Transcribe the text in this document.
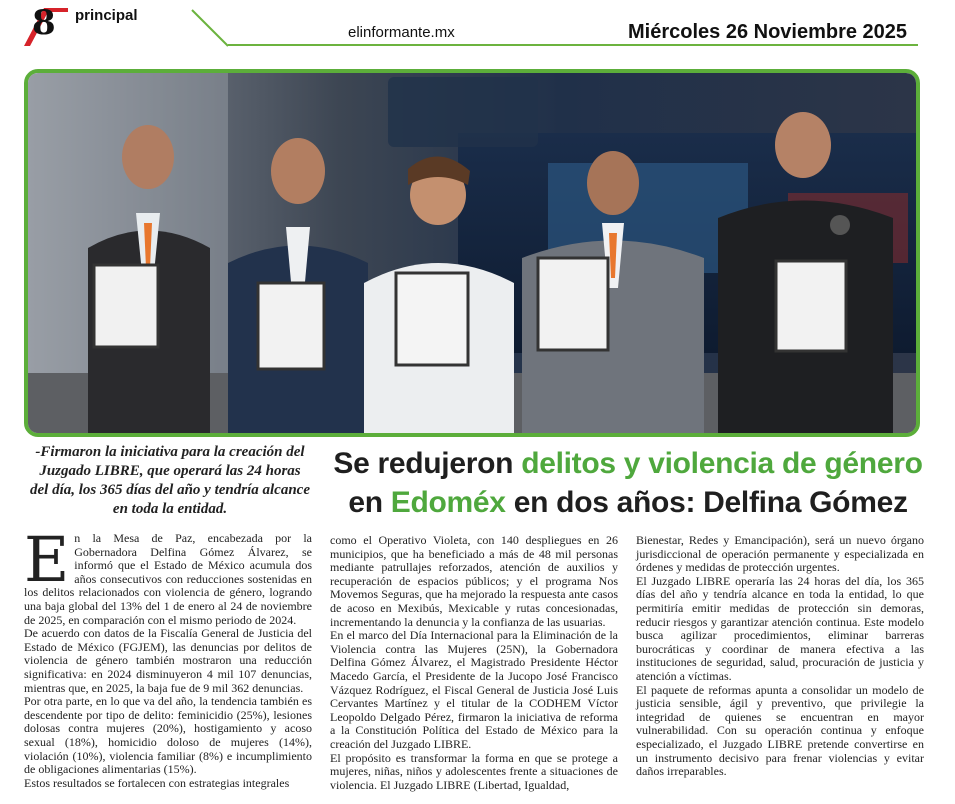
8 principal
elinformante.mx	Miércoles 26 Noviembre 2025
-Firmaron la iniciativa para la creación del Juzgado LIBRE, que operará las 24 horas del día, los 365 días del año y tendría alcance en toda la entidad.
Se redujeron delitos y violencia de género
en Edoméx en dos años: Delfina Gómez
E n la Mesa de Paz, encabezada por la Gobernadora Delfina Gómez Álvarez, se informó que el Estado de México acumula dos años consecutivos con reducciones sostenidas en los delitos relacionados con violencia de género, logrando una baja global del 13% del 1 de enero al 24 de noviembre de 2025, en comparación con el mismo periodo de 2024.

De acuerdo con datos de la Fiscalía General de Justicia del Estado de México (FGJEM), las denuncias por delitos de violencia de género también mostraron una reducción significativa: en 2024 disminuyeron 4 mil 107 denuncias, mientras que, en 2025, la baja fue de 9 mil 362 denuncias.

Por otra parte, en lo que va del año, la tendencia también es descendente por tipo de delito: feminicidio (25%), lesiones dolosas contra mujeres (20%), hostigamiento y acoso sexual (18%), homicidio doloso de mujeres (14%), violación (10%), violencia familiar (8%) e incumplimiento de obligaciones alimentarias (15%).

Estos resultados se fortalecen con estrategias integrales

como el Operativo Violeta, con 140 despliegues en 26 municipios, que ha beneficiado a más de 48 mil personas mediante patrullajes reforzados, atención de auxilios y recuperación de espacios públicos; y el programa Nos Movemos Seguras, que ha mejorado la respuesta ante casos de acoso en Mexibús, Mexicable y rutas concesionadas, incrementando la denuncia y la confianza de las usuarias.

En el marco del Día Internacional para la Eliminación de la Violencia contra las Mujeres (25N), la Gobernadora Delfina Gómez Álvarez, el Magistrado Presidente Héctor Macedo García, el Presidente de la Jucopo José Francisco Vázquez Rodríguez, el Fiscal General de Justicia José Luis Cervantes Martínez y el titular de la CODHEM Víctor Leopoldo Delgado Pérez, firmaron la iniciativa de reforma a la Constitución Política del Estado de México para la creación del Juzgado LIBRE.

El propósito es transformar la forma en que se protege a mujeres, niñas, niños y adolescentes frente a situaciones de violencia. El Juzgado LIBRE (Libertad, Igualdad,

Bienestar, Redes y Emancipación), será un nuevo órgano jurisdiccional de operación permanente y especializada en órdenes y medidas de protección urgentes.

El Juzgado LIBRE operaría las 24 horas del día, los 365 días del año y tendría alcance en toda la entidad, lo que permitiría emitir medidas de protección sin demoras, reducir riesgos y garantizar atención continua. Este modelo busca agilizar procedimientos, eliminar barreras burocráticas y coordinar de manera efectiva a las instituciones de seguridad, salud, procuración de justicia y atención a víctimas.

El paquete de reformas apunta a consolidar un modelo de justicia sensible, ágil y preventivo, que privilegie la integridad de quienes se encuentran en mayor vulnerabilidad. Con su operación continua y enfoque especializado, el Juzgado LIBRE pretende convertirse en un instrumento decisivo para frenar violencias y evitar daños irreparables.
